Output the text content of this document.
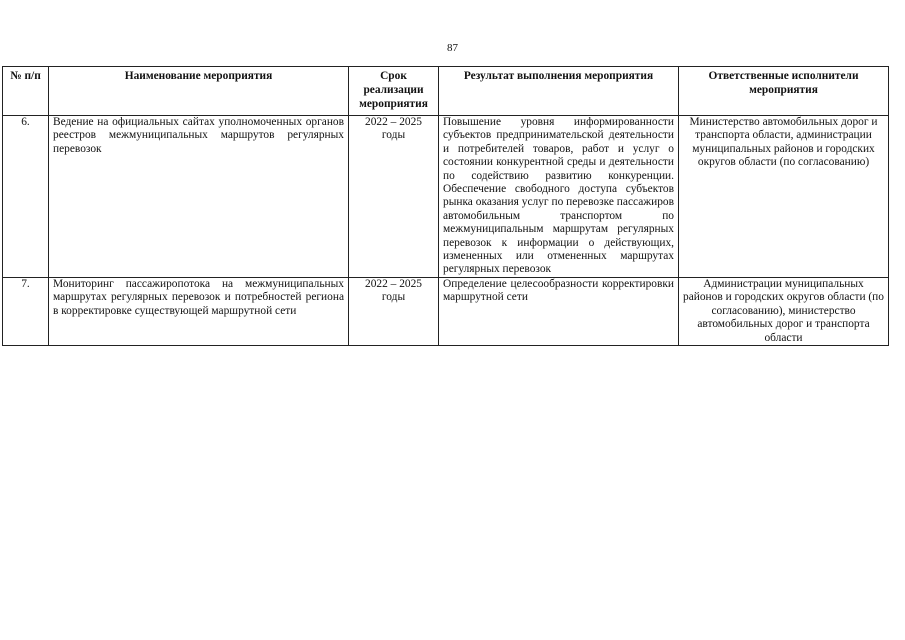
87
№ п/п	Наименование мероприятия	Срок реализации мероприятия	Результат выполнения мероприятия	Ответственные исполнители мероприятия
6.	Ведение на официальных сайтах уполномоченных органов реестров межмуниципальных маршрутов регулярных перевозок	2022 – 2025 годы	Повышение уровня информированности субъектов предпринимательской деятельности и потребителей товаров, работ и услуг о состоянии конкурентной среды и деятельности по содействию развитию конкуренции. Обеспечение свободного доступа субъектов рынка оказания услуг по перевозке пассажиров автомобильным транспортом по межмуниципальным маршрутам регулярных перевозок к информации о действующих, измененных или отмененных маршрутах регулярных перевозок	Министерство автомобильных дорог и транспорта области, администрации муниципальных районов и городских округов области (по согласованию)
7.	Мониторинг пассажиропотока на межмуниципальных маршрутах регулярных перевозок и потребностей региона в корректировке существующей маршрутной сети	2022 – 2025 годы	Определение целесообразности корректировки маршрутной сети	Администрации муниципальных районов и городских округов области (по согласованию), министерство автомобильных дорог и транспорта области
